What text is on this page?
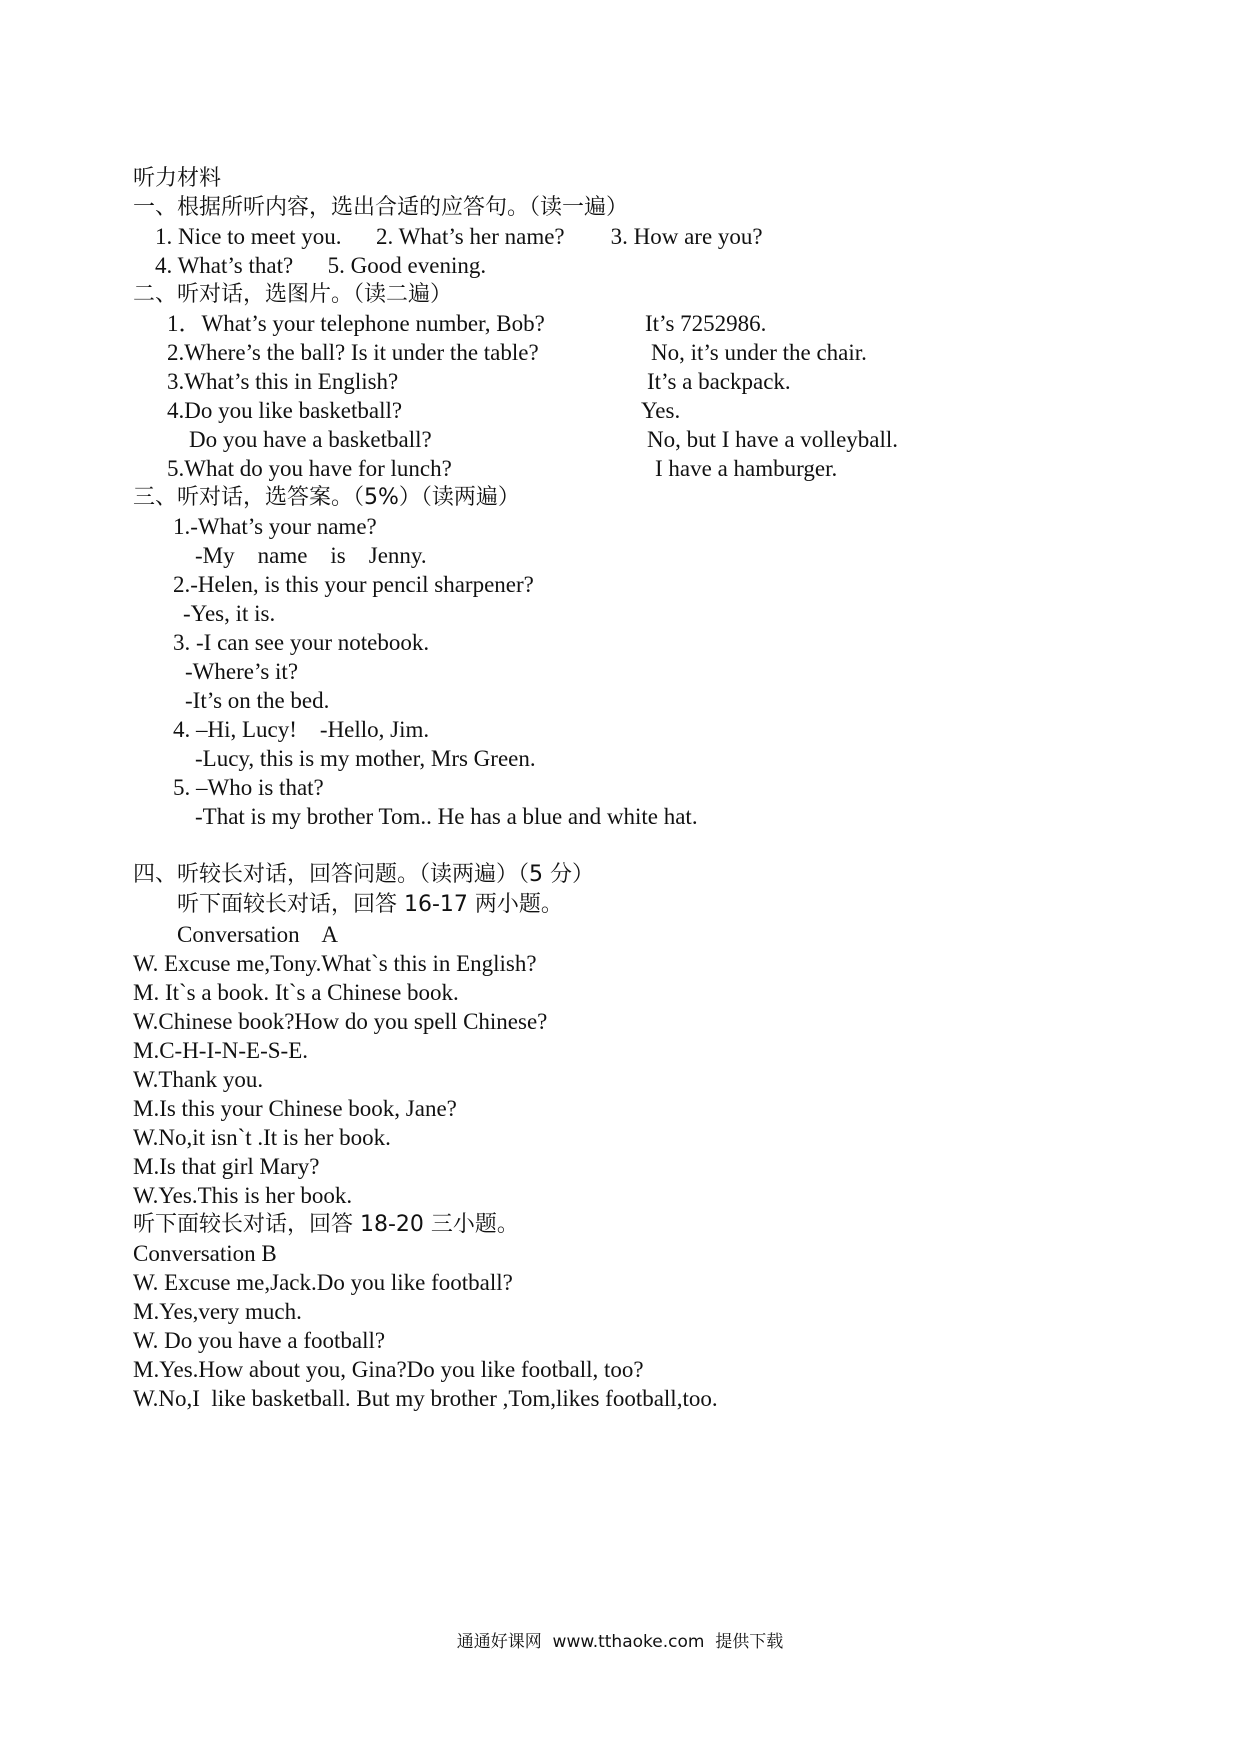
听力材料
一、根据所听内容，选出合适的应答句。（读一遍）
1. Nice to meet you.      2. What’s her name?        3. How are you?
4. What’s that?      5. Good evening.
二、听对话，选图片。（读二遍）
1．What’s your telephone number, Bob?	It’s 7252986.
2.Where’s the ball? Is it under the table?	No, it’s under the chair.
3.What’s this in English?	It’s a backpack.
4.Do you like basketball?	Yes.
Do you have a basketball?	No, but I have a volleyball.
5.What do you have for lunch?	I have a hamburger.
三、听对话，选答案。（5%）（读两遍）
1.-What’s your name?
-My    name    is    Jenny.
2.-Helen, is this your pencil sharpener?
-Yes, it is.
3. -I can see your notebook.
-Where’s it?
-It’s on the bed.
4. –Hi, Lucy!    -Hello, Jim.
-Lucy, this is my mother, Mrs Green.
5. –Who is that?
-That is my brother Tom.. He has a blue and white hat.
四、听较长对话，回答问题。（读两遍）（5 分）
听下面较长对话，回答 16-17 两小题。
Conversation    A
W. Excuse me,Tony.What`s this in English?
M. It`s a book. It`s a Chinese book.
W.Chinese book?How do you spell Chinese?
M.C-H-I-N-E-S-E.
W.Thank you.
M.Is this your Chinese book, Jane?
W.No,it isn`t .It is her book.
M.Is that girl Mary?
W.Yes.This is her book.
听下面较长对话，回答 18-20 三小题。
Conversation B
W. Excuse me,Jack.Do you like football?
M.Yes,very much.
W. Do you have a football?
M.Yes.How about you, Gina?Do you like football, too?
W.No,I  like basketball. But my brother ,Tom,likes football,too.
通通好课网  www.tthaoke.com  提供下载
